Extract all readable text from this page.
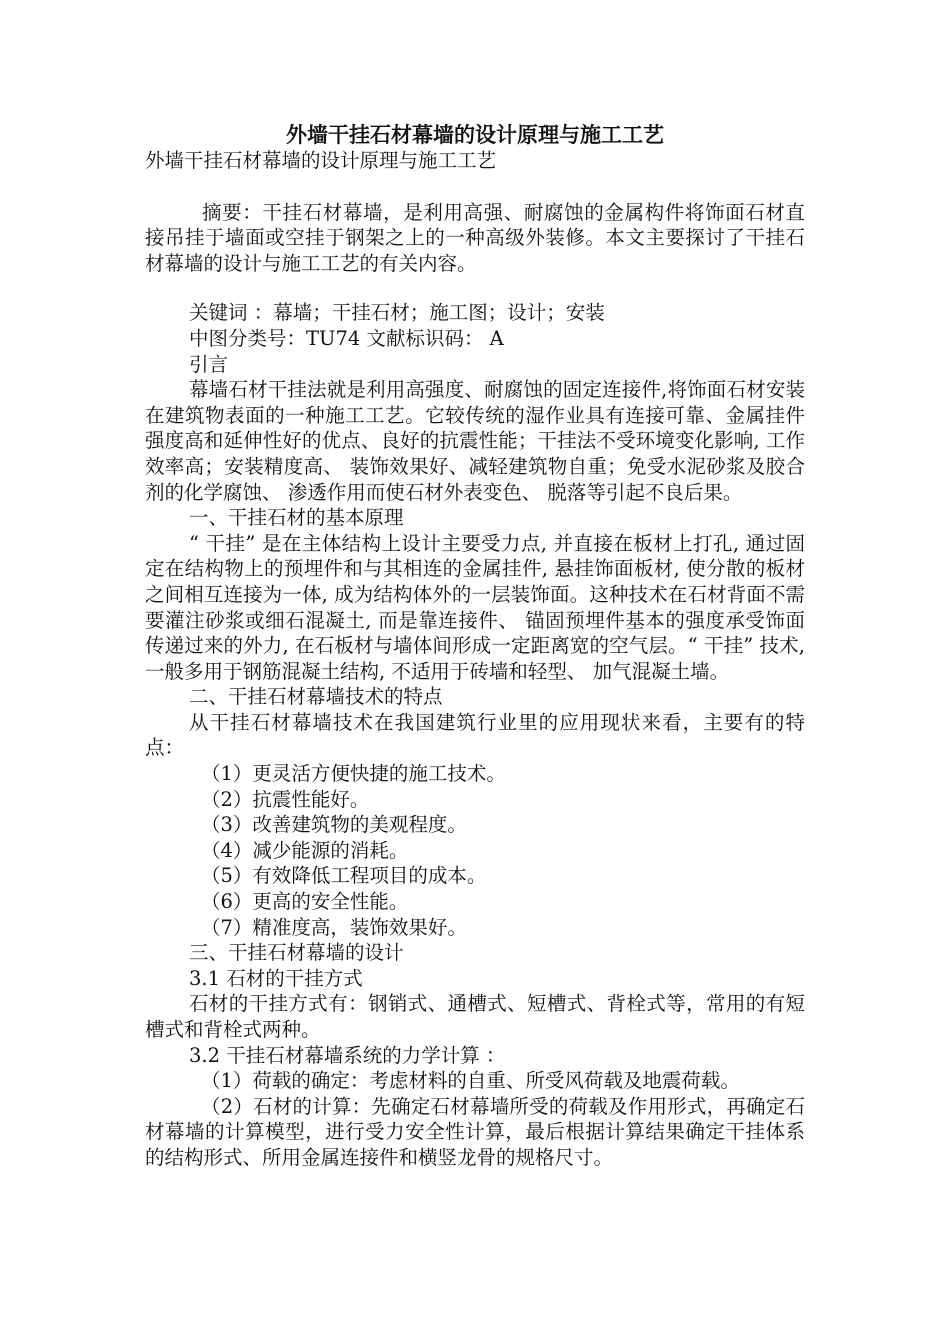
外墙干挂石材幕墙的设计原理与施工工艺

外墙干挂石材幕墙的设计原理与施工工艺

摘要：干挂石材幕墙，是利用高强、耐腐蚀的金属构件将饰面石材直接吊挂于墙面或空挂于钢架之上的一种高级外装修。本文主要探讨了干挂石材幕墙的设计与施工工艺的有关内容。

关键词 ：幕墙；干挂石材；施工图；设计；安装

中图分类号：TU74 文献标识码： A

引言

幕墙石材干挂法就是利用高强度、耐腐蚀的固定连接件,将饰面石材安装在建筑物表面的一种施工工艺。它较传统的湿作业具有连接可靠、金属挂件强度高和延伸性好的优点、良好的抗震性能；干挂法不受环境变化影响, 工作效率高；安装精度高、 装饰效果好、减轻建筑物自重；免受水泥砂浆及胶合剂的化学腐蚀、 渗透作用而使石材外表变色、 脱落等引起不良后果。

一、干挂石材的基本原理

“ 干挂” 是在主体结构上设计主要受力点, 并直接在板材上打孔, 通过固定在结构物上的预埋件和与其相连的金属挂件, 悬挂饰面板材, 使分散的板材之间相互连接为一体, 成为结构体外的一层装饰面。这种技术在石材背面不需要灌注砂浆或细石混凝土, 而是靠连接件、 锚固预埋件基本的强度承受饰面传递过来的外力, 在石板材与墙体间形成一定距离宽的空气层。“ 干挂” 技术, 一般多用于钢筋混凝土结构, 不适用于砖墙和轻型、 加气混凝土墙。

二、干挂石材幕墙技术的特点

从干挂石材幕墙技术在我国建筑行业里的应用现状来看，主要有的特点：

（1）更灵活方便快捷的施工技术。

（2）抗震性能好。

（3）改善建筑物的美观程度。

（4）减少能源的消耗。

（5）有效降低工程项目的成本。

（6）更高的安全性能。

（7）精准度高，装饰效果好。

三、干挂石材幕墙的设计

3.1 石材的干挂方式

石材的干挂方式有：钢销式、通槽式、短槽式、背栓式等，常用的有短槽式和背栓式两种。

3.2 干挂石材幕墙系统的力学计算 ：

（1）荷载的确定：考虑材料的自重、所受风荷载及地震荷载。

（2）石材的计算：先确定石材幕墙所受的荷载及作用形式，再确定石材幕墙的计算模型，进行受力安全性计算，最后根据计算结果确定干挂体系的结构形式、所用金属连接件和横竖龙骨的规格尺寸。
